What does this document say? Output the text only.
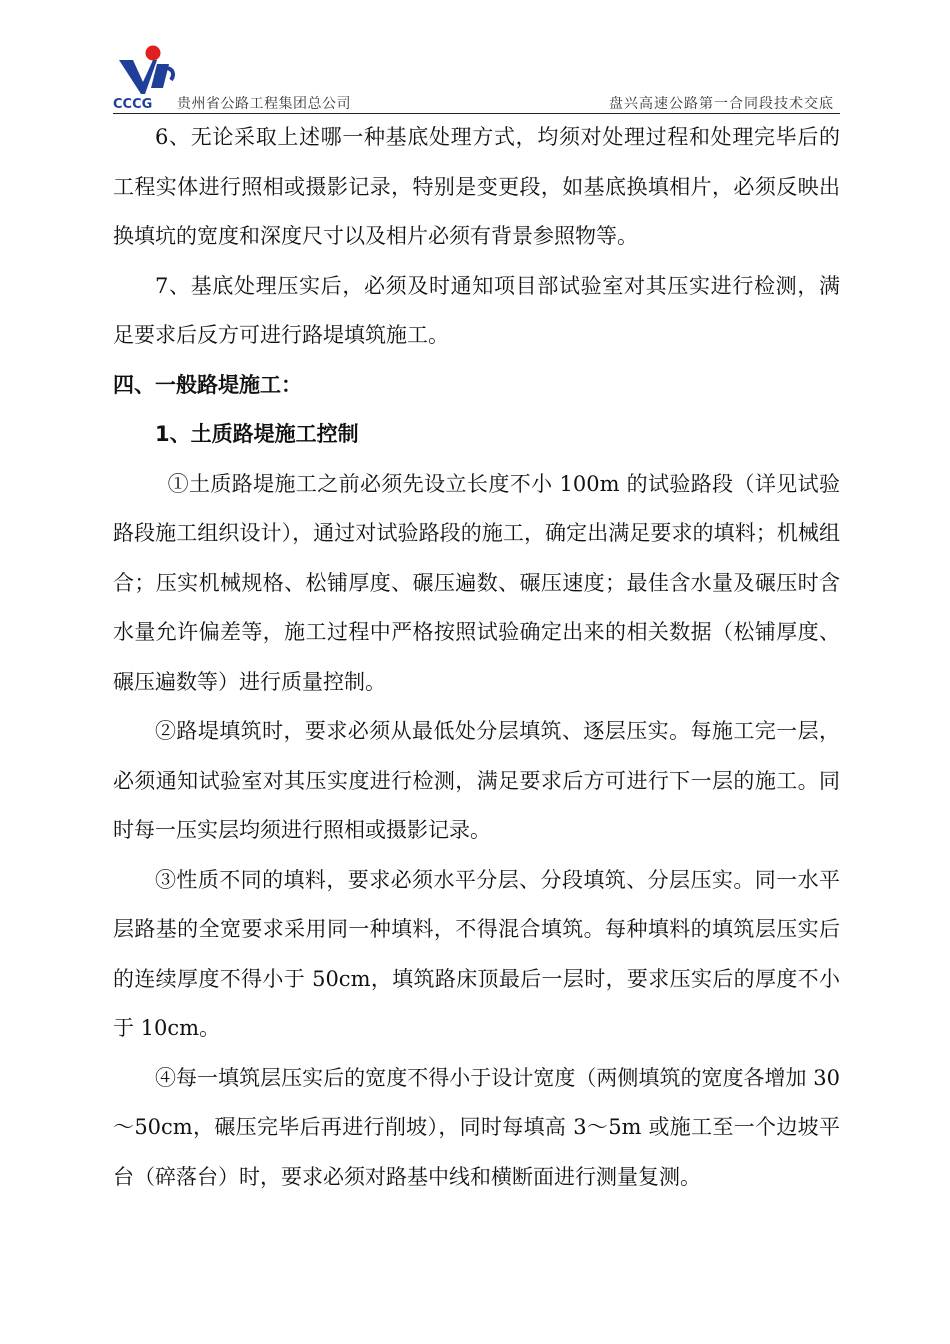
CCCG 贵州省公路工程集团总公司	盘兴高速公路第一合同段技术交底

6、无论采取上述哪一种基底处理方式，均须对处理过程和处理完毕后的工程实体进行照相或摄影记录，特别是变更段，如基底换填相片，必须反映出换填坑的宽度和深度尺寸以及相片必须有背景参照物等。

7、基底处理压实后，必须及时通知项目部试验室对其压实进行检测，满足要求后反方可进行路堤填筑施工。

四、一般路堤施工：

1、土质路堤施工控制

①土质路堤施工之前必须先设立长度不小 100m 的试验路段（详见试验路段施工组织设计），通过对试验路段的施工，确定出满足要求的填料；机械组合；压实机械规格、松铺厚度、碾压遍数、碾压速度；最佳含水量及碾压时含水量允许偏差等，施工过程中严格按照试验确定出来的相关数据（松铺厚度、碾压遍数等）进行质量控制。

②路堤填筑时，要求必须从最低处分层填筑、逐层压实。每施工完一层，必须通知试验室对其压实度进行检测，满足要求后方可进行下一层的施工。同时每一压实层均须进行照相或摄影记录。

③性质不同的填料，要求必须水平分层、分段填筑、分层压实。同一水平层路基的全宽要求采用同一种填料，不得混合填筑。每种填料的填筑层压实后的连续厚度不得小于 50cm，填筑路床顶最后一层时，要求压实后的厚度不小于 10cm。

④每一填筑层压实后的宽度不得小于设计宽度（两侧填筑的宽度各增加 30～50cm，碾压完毕后再进行削坡），同时每填高 3～5m 或施工至一个边坡平台（碎落台）时，要求必须对路基中线和横断面进行测量复测。
